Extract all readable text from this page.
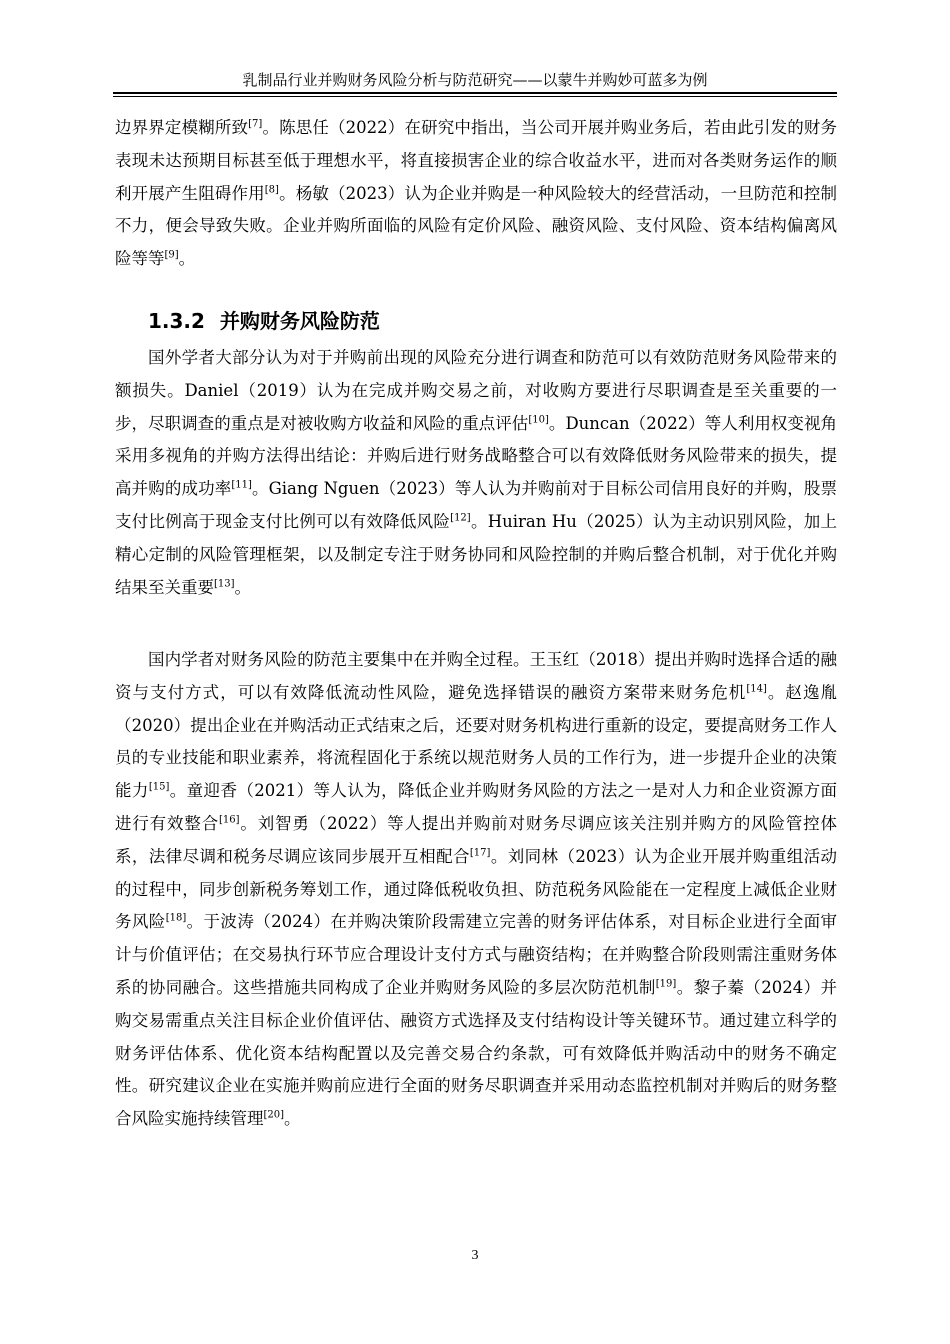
乳制品行业并购财务风险分析与防范研究——以蒙牛并购妙可蓝多为例

边界界定模糊所致[7]。陈思任（2022）在研究中指出，当公司开展并购业务后，若由此引发的财务表现未达预期目标甚至低于理想水平，将直接损害企业的综合收益水平，进而对各类财务运作的顺利开展产生阻碍作用[8]。杨敏（2023）认为企业并购是一种风险较大的经营活动，一旦防范和控制不力，便会导致失败。企业并购所面临的风险有定价风险、融资风险、支付风险、资本结构偏离风险等等[9]。

1.3.2 并购财务风险防范

国外学者大部分认为对于并购前出现的风险充分进行调查和防范可以有效防范财务风险带来的额损失。Daniel（2019）认为在完成并购交易之前，对收购方要进行尽职调查是至关重要的一步，尽职调查的重点是对被收购方收益和风险的重点评估[10]。Duncan（2022）等人利用权变视角采用多视角的并购方法得出结论：并购后进行财务战略整合可以有效降低财务风险带来的损失，提高并购的成功率[11]。Giang Nguen（2023）等人认为并购前对于目标公司信用良好的并购，股票支付比例高于现金支付比例可以有效降低风险[12]。Huiran Hu（2025）认为主动识别风险，加上精心定制的风险管理框架，以及制定专注于财务协同和风险控制的并购后整合机制，对于优化并购结果至关重要[13]。

国内学者对财务风险的防范主要集中在并购全过程。王玉红（2018）提出并购时选择合适的融资与支付方式，可以有效降低流动性风险，避免选择错误的融资方案带来财务危机[14]。赵逸胤（2020）提出企业在并购活动正式结束之后，还要对财务机构进行重新的设定，要提高财务工作人员的专业技能和职业素养，将流程固化于系统以规范财务人员的工作行为，进一步提升企业的决策能力[15]。童迎香（2021）等人认为，降低企业并购财务风险的方法之一是对人力和企业资源方面进行有效整合[16]。刘智勇（2022）等人提出并购前对财务尽调应该关注别并购方的风险管控体系，法律尽调和税务尽调应该同步展开互相配合[17]。刘同林（2023）认为企业开展并购重组活动的过程中，同步创新税务筹划工作，通过降低税收负担、防范税务风险能在一定程度上减低企业财务风险[18]。于波涛（2024）在并购决策阶段需建立完善的财务评估体系，对目标企业进行全面审计与价值评估；在交易执行环节应合理设计支付方式与融资结构；在并购整合阶段则需注重财务体系的协同融合。这些措施共同构成了企业并购财务风险的多层次防范机制[19]。黎子蓁（2024）并购交易需重点关注目标企业价值评估、融资方式选择及支付结构设计等关键环节。通过建立科学的财务评估体系、优化资本结构配置以及完善交易合约条款，可有效降低并购活动中的财务不确定性。研究建议企业在实施并购前应进行全面的财务尽职调查并采用动态监控机制对并购后的财务整合风险实施持续管理[20]。

3
